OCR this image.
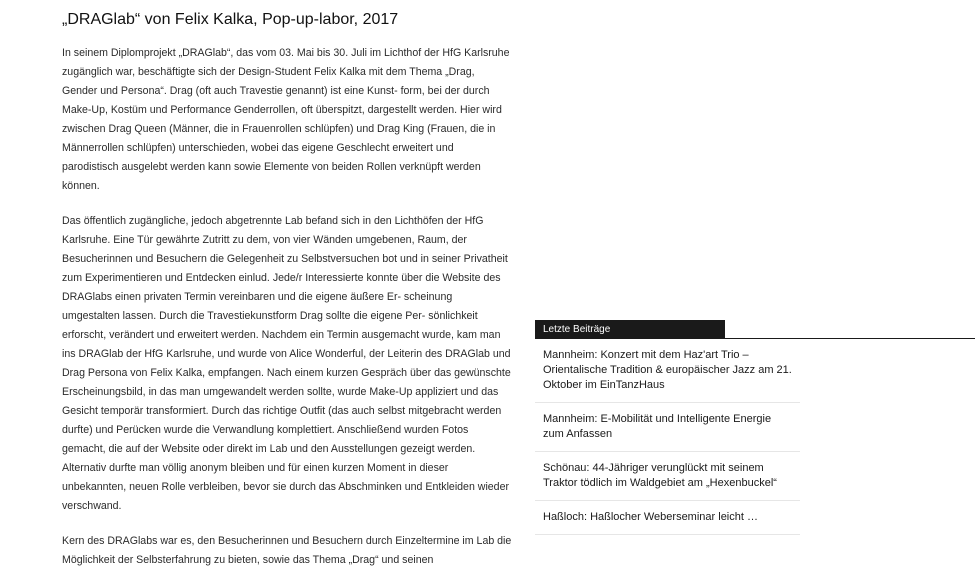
„DRAGlab“ von Felix Kalka, Pop-up-labor, 2017

In seinem Diplomprojekt „DRAGlab“, das vom 03. Mai bis 30. Juli im Lichthof der HfG Karlsruhe zugänglich war, beschäftigte sich der Design-Student Felix Kalka mit dem Thema „Drag, Gender und Persona“. Drag (oft auch Travestie genannt) ist eine Kunst- form, bei der durch Make-Up, Kostüm und Performance Genderrollen, oft überspitzt, dargestellt werden. Hier wird zwischen Drag Queen (Männer, die in Frauenrollen schlüpfen) und Drag King (Frauen, die in Männerrollen schlüpfen) unterschieden, wobei das eigene Geschlecht erweitert und parodistisch ausgelebt werden kann sowie Elemente von beiden Rollen verknüpft werden können.

Das öffentlich zugängliche, jedoch abgetrennte Lab befand sich in den Lichthöfen der HfG Karlsruhe. Eine Tür gewährte Zutritt zu dem, von vier Wänden umgebenen, Raum, der Besucherinnen und Besuchern die Gelegenheit zu Selbstversuchen bot und in seiner Privatheit zum Experimentieren und Entdecken einlud. Jede/r Interessierte konnte über die Website des DRAGlabs einen privaten Termin vereinbaren und die eigene äußere Er- scheinung umgestalten lassen. Durch die Travestiekunstform Drag sollte die eigene Per- sönlichkeit erforscht, verändert und erweitert werden. Nachdem ein Termin ausgemacht wurde, kam man ins DRAGlab der HfG Karlsruhe, und wurde von Alice Wonderful, der Leiterin des DRAGlab und Drag Persona von Felix Kalka, empfangen. Nach einem kurzen Gespräch über das gewünschte Erscheinungsbild, in das man umgewandelt werden sollte, wurde Make-Up appliziert und das Gesicht temporär transformiert. Durch das richtige Outfit (das auch selbst mitgebracht werden durfte) und Perücken wurde die Verwandlung komplettiert. Anschließend wurden Fotos gemacht, die auf der Website oder direkt im Lab und den Ausstellungen gezeigt werden. Alternativ durfte man völlig anonym bleiben und für einen kurzen Moment in dieser unbekannten, neuen Rolle verbleiben, bevor sie durch das Abschminken und Entkleiden wieder verschwand.

Kern des DRAGlabs war es, den Besucherinnen und Besuchern durch Einzeltermine im Lab die Möglichkeit der Selbsterfahrung zu bieten, sowie das Thema „Drag“ und seinen

Letzte Beiträge
Mannheim: Konzert mit dem Haz'art Trio – Orientalische Tradition & europäischer Jazz am 21. Oktober im EinTanzHaus
Mannheim: E-Mobilität und Intelligente Energie zum Anfassen
Schönau: 44-Jähriger verunglückt mit seinem Traktor tödlich im Waldgebiet am „Hexenbuckel“
Haßloch: Haßlocher Weberseminar leicht …
